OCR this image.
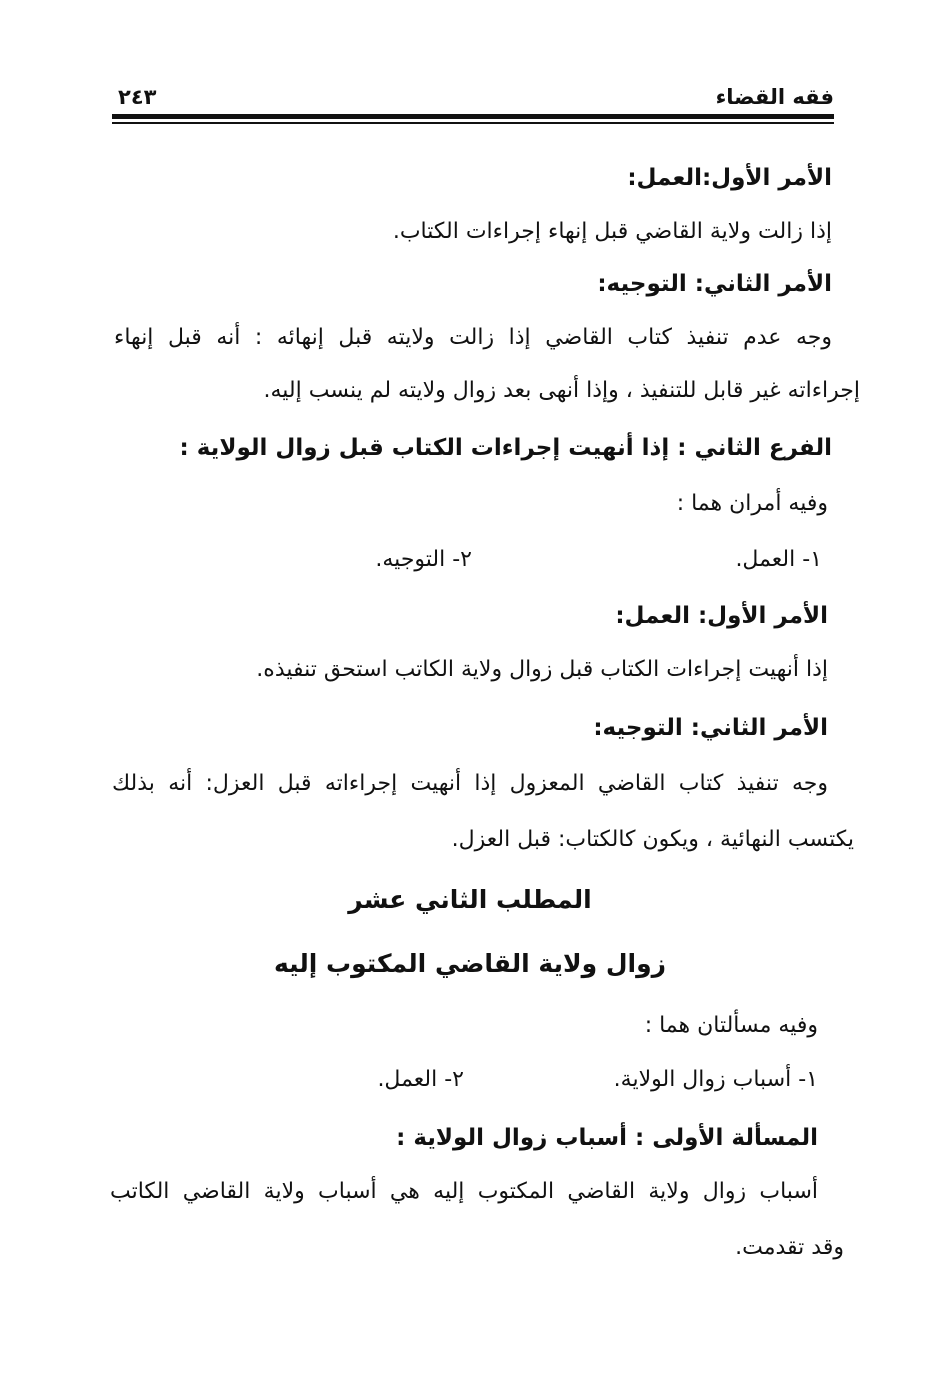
فقه القضاء
٢٤٣
الأمر الأول:العمل:
إذا زالت ولاية القاضي قبل إنهاء إجراءات الكتاب.
الأمر الثاني: التوجيه:
وجه عدم تنفيذ كتاب القاضي إذا زالت ولايته قبل إنهائه : أنه قبل إنهاء
إجراءاته غير قابل للتنفيذ ، وإذا أنهى بعد زوال ولايته لم ينسب إليه.
الفرع الثاني : إذا أنهيت إجراءات الكتاب قبل زوال الولاية :
وفيه أمران هما :
١- العمل.
٢- التوجيه.
الأمر الأول: العمل:
إذا أنهيت إجراءات الكتاب قبل زوال ولاية الكاتب استحق تنفيذه.
الأمر الثاني: التوجيه:
وجه تنفيذ كتاب القاضي المعزول إذا أنهيت إجراءاته قبل العزل: أنه بذلك
يكتسب النهائية ، ويكون كالكتاب: قبل العزل.
المطلب الثاني عشر
زوال ولاية القاضي المكتوب إليه
وفيه مسألتان هما :
١- أسباب زوال الولاية.
٢- العمل.
المسألة الأولى : أسباب زوال الولاية :
أسباب زوال ولاية القاضي المكتوب إليه هي أسباب ولاية القاضي الكاتب
وقد تقدمت.
